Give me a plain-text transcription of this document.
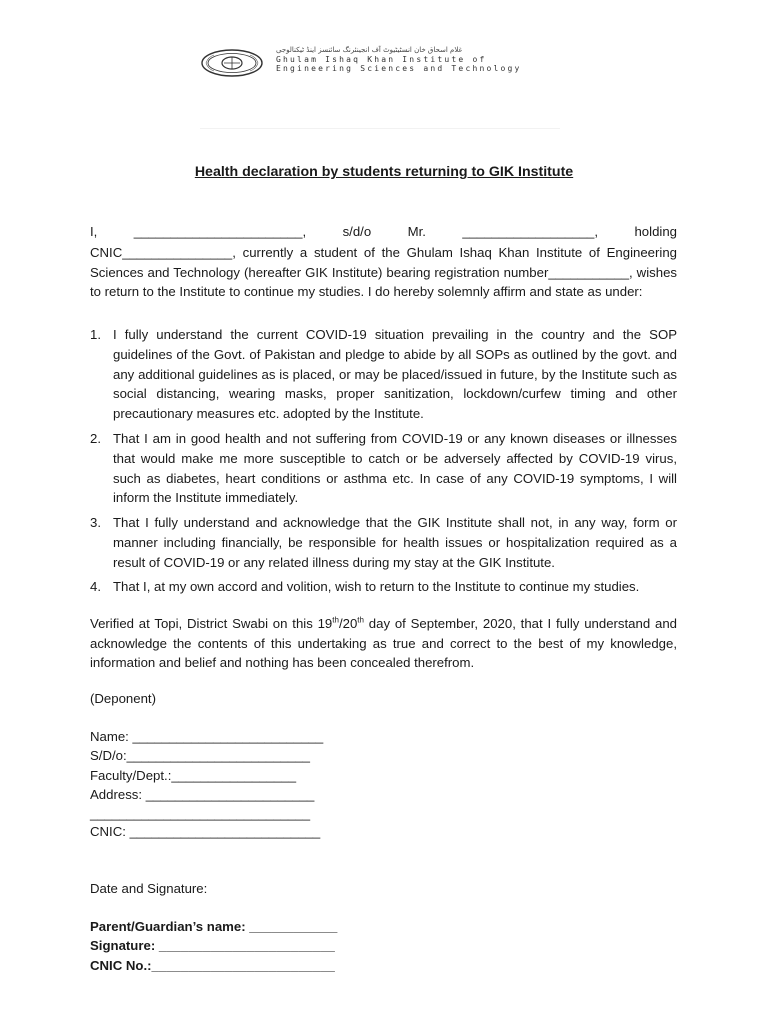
غلام اسحاق خان انسٹیٹیوٹ آف انجینئرنگ سائنسز اینڈ ٹیکنالوجی
Ghulam Ishaq Khan Institute of
Engineering Sciences and Technology
Health declaration by students returning to GIK Institute
I,	_______________________,	s/d/o	Mr.	__________________,	holding
CNIC_______________, currently a student of the Ghulam Ishaq Khan Institute of Engineering Sciences and Technology (hereafter GIK Institute) bearing registration number___________, wishes to return to the Institute to continue my studies. I do hereby solemnly affirm and state as under:
1. I fully understand the current COVID-19 situation prevailing in the country and the SOP guidelines of the Govt. of Pakistan and pledge to abide by all SOPs as outlined by the govt. and any additional guidelines as is placed, or may be placed/issued in future, by the Institute such as social distancing, wearing masks, proper sanitization, lockdown/curfew timing and other precautionary measures etc. adopted by the Institute.
2. That I am in good health and not suffering from COVID-19 or any known diseases or illnesses that would make me more susceptible to catch or be adversely affected by COVID-19 virus, such as diabetes, heart conditions or asthma etc. In case of any COVID-19 symptoms, I will inform the Institute immediately.
3. That I fully understand and acknowledge that the GIK Institute shall not, in any way, form or manner including financially, be responsible for health issues or hospitalization required as a result of COVID-19 or any related illness during my stay at the GIK Institute.
4. That I, at my own accord and volition, wish to return to the Institute to continue my studies.
Verified at Topi, District Swabi on this 19th/20th day of September, 2020, that I fully understand and acknowledge the contents of this undertaking as true and correct to the best of my knowledge, information and belief and nothing has been concealed therefrom.
(Deponent)
Name: __________________________
S/D/o:_________________________
Faculty/Dept.:_________________
Address: _______________________
______________________________
CNIC: __________________________
Date and Signature:
Parent/Guardian’s name: ____________
Signature: ________________________
CNIC No.:_________________________
